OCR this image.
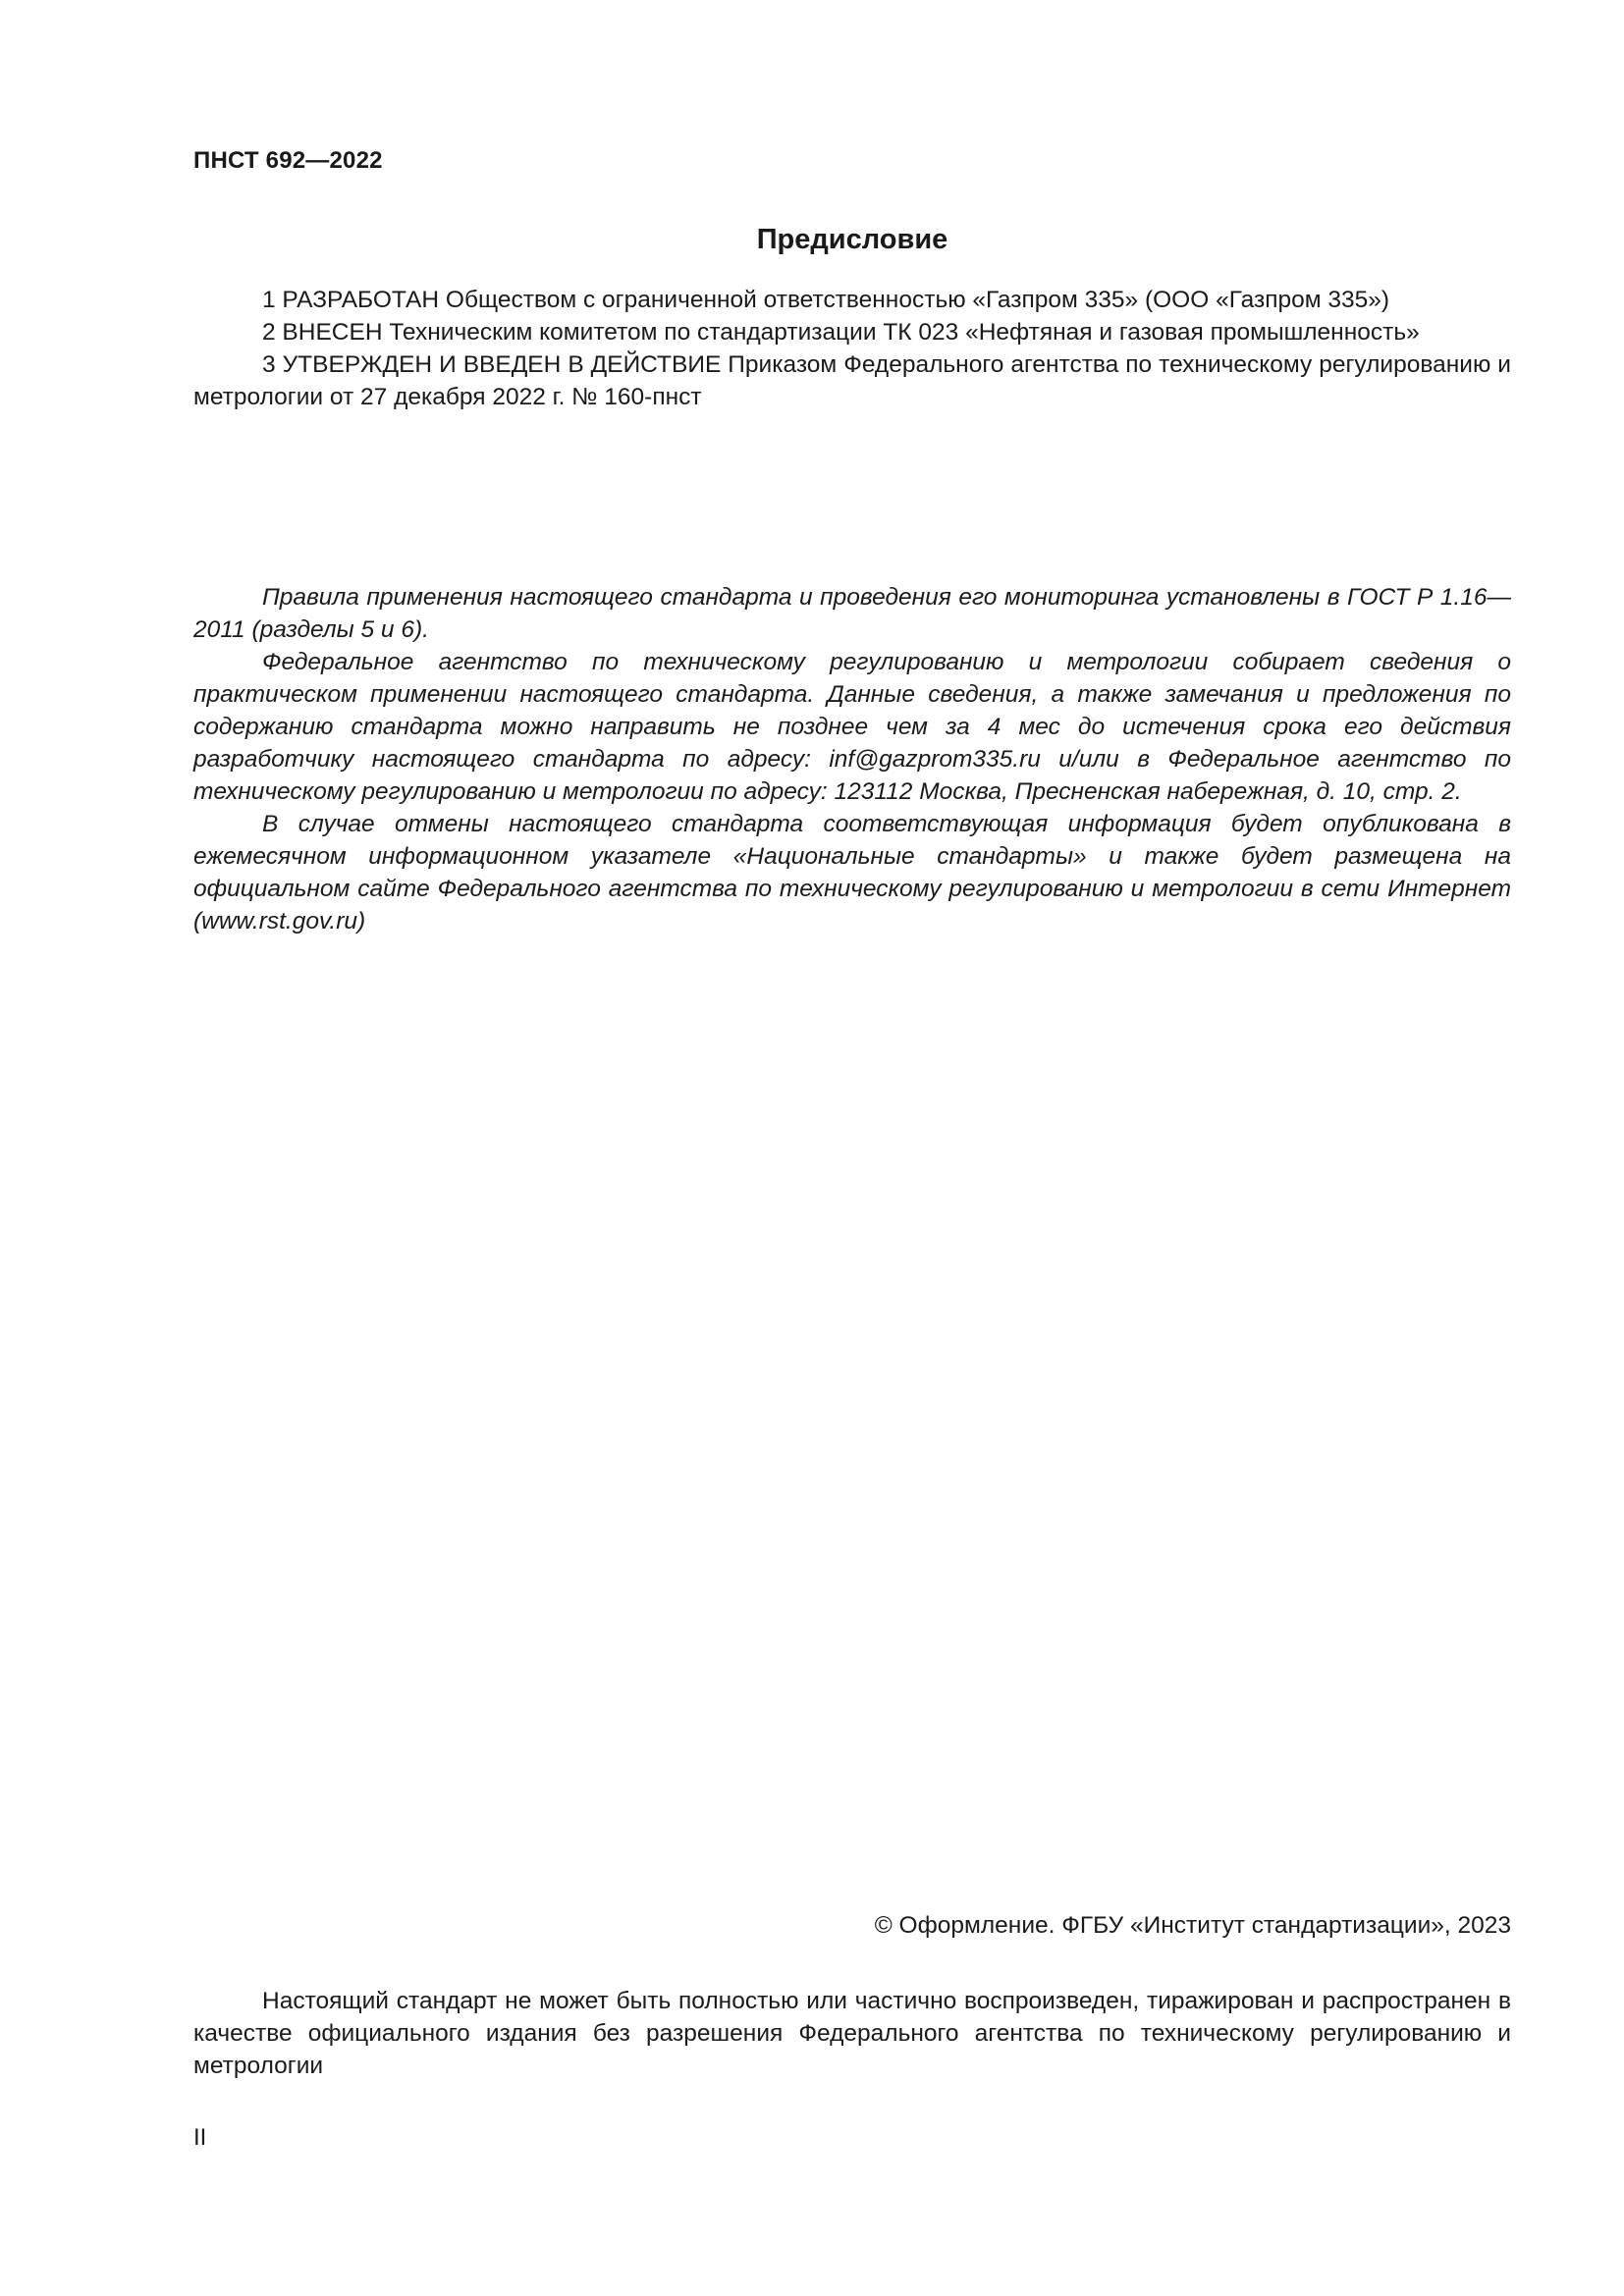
ПНСТ 692—2022
Предисловие

1 РАЗРАБОТАН Обществом с ограниченной ответственностью «Газпром 335» (ООО «Газпром 335»)

2 ВНЕСЕН Техническим комитетом по стандартизации ТК 023 «Нефтяная и газовая промышленность»

3 УТВЕРЖДЕН И ВВЕДЕН В ДЕЙСТВИЕ Приказом Федерального агентства по техническому регулированию и метрологии от 27 декабря 2022 г. № 160-пнст

Правила применения настоящего стандарта и проведения его мониторинга установлены в ГОСТ Р 1.16—2011 (разделы 5 и 6).

Федеральное агентство по техническому регулированию и метрологии собирает сведения о практическом применении настоящего стандарта. Данные сведения, а также замечания и предложения по содержанию стандарта можно направить не позднее чем за 4 мес до истечения срока его действия разработчику настоящего стандарта по адресу: inf@gazprom335.ru и/или в Федеральное агентство по техническому регулированию и метрологии по адресу: 123112 Москва, Пресненская набережная, д. 10, стр. 2.

В случае отмены настоящего стандарта соответствующая информация будет опубликована в ежемесячном информационном указателе «Национальные стандарты» и также будет размещена на официальном сайте Федерального агентства по техническому регулированию и метрологии в сети Интернет (www.rst.gov.ru)

© Оформление. ФГБУ «Институт стандартизации», 2023

Настоящий стандарт не может быть полностью или частично воспроизведен, тиражирован и распространен в качестве официального издания без разрешения Федерального агентства по техническому регулированию и метрологии

II
